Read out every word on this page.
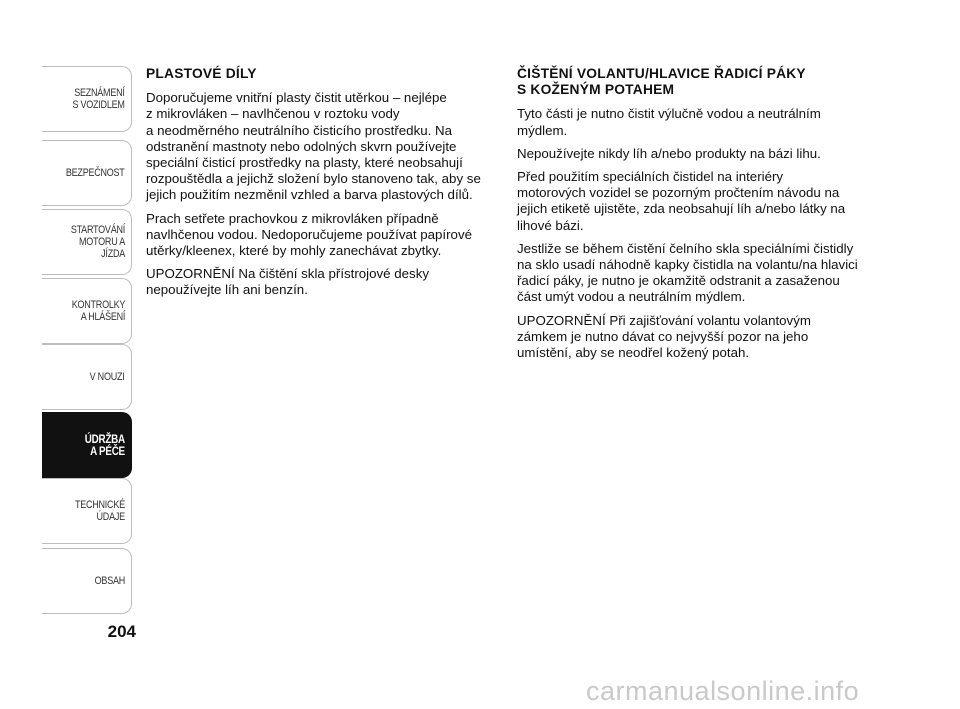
SEZNÁMENÍ
S VOZIDLEM
BEZPEČNOST
STARTOVÁNÍ
MOTORU A JÍZDA
KONTROLKY
A HLÁŠENÍ
V NOUZI
ÚDRŽBA
A PÉČE
TECHNICKÉ
ÚDAJE
OBSAH
204
PLASTOVÉ DÍLY

Doporučujeme vnitřní plasty čistit utěrkou – nejlépe
z mikrovláken – navlhčenou v roztoku vody
a neodměrného neutrálního čisticího prostředku. Na
odstranění mastnoty nebo odolných skvrn používejte
speciální čisticí prostředky na plasty, které neobsahují
rozpouštědla a jejichž složení bylo stanoveno tak, aby se
jejich použitím nezměnil vzhled a barva plastových dílů.

Prach setřete prachovkou z mikrovláken případně
navlhčenou vodou. Nedoporučujeme používat papírové
utěrky/kleenex, které by mohly zanechávat zbytky.

UPOZORNĚNÍ Na čištění skla přístrojové desky
nepoužívejte líh ani benzín.

ČIŠTĚNÍ VOLANTU/HLAVICE ŘADICÍ PÁKY
S KOŽENÝM POTAHEM

Tyto části je nutno čistit výlučně vodou a neutrálním
mýdlem.

Nepoužívejte nikdy líh a/nebo produkty na bázi lihu.

Před použitím speciálních čistidel na interiéry
motorových vozidel se pozorným pročtením návodu na
jejich etiketě ujistěte, zda neobsahují líh a/nebo látky na
lihové bázi.

Jestliže se během čistění čelního skla speciálními čistidly
na sklo usadí náhodně kapky čistidla na volantu/na hlavici
řadicí páky, je nutno je okamžitě odstranit a zasaženou
část umýt vodou a neutrálním mýdlem.

UPOZORNĚNÍ Při zajišťování volantu volantovým
zámkem je nutno dávat co nejvyšší pozor na jeho
umístění, aby se neodřel kožený potah.

carmanualsonline.info
